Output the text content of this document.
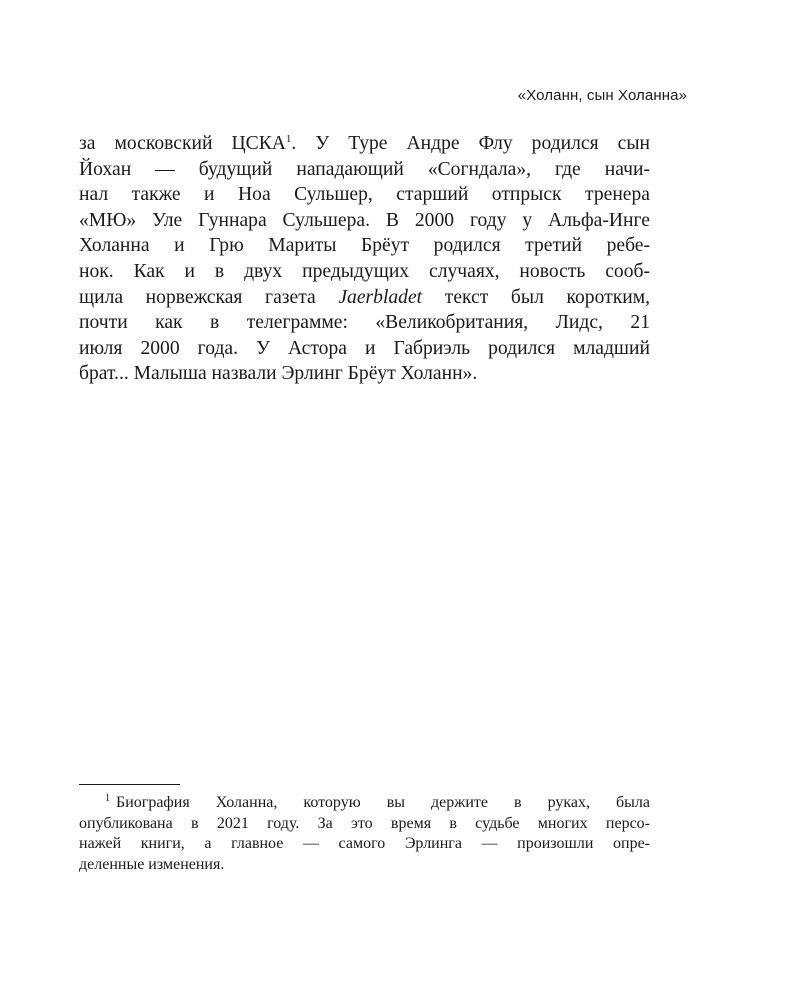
«Холанн, сын Холанна»
за московский ЦСКА$^1$. У Туре Андре Флу родился сын
Йохан — будущий нападающий «Согндала», где начи-
нал также и Ноа Сульшер, старший отпрыск тренера
«МЮ» Уле Гуннара Сульшера. В 2000 году у Альфа-Инге
Холанна и Грю Мариты Брёут родился третий ребе-
нок. Как и в двух предыдущих случаях, новость сооб-
щила норвежская газета Jaerbladet текст был коротким,
почти как в телеграмме: «Великобритания, Лидс, 21
июля 2000 года. У Астора и Габриэль родился младший
брат... Малыша назвали Эрлинг Брёут Холанн».
$^1$ Биография Холанна, которую вы держите в руках, была
опубликована в 2021 году. За это время в судьбе многих персо-
нажей книги, а главное — самого Эрлинга — произошли опре-
деленные изменения.
